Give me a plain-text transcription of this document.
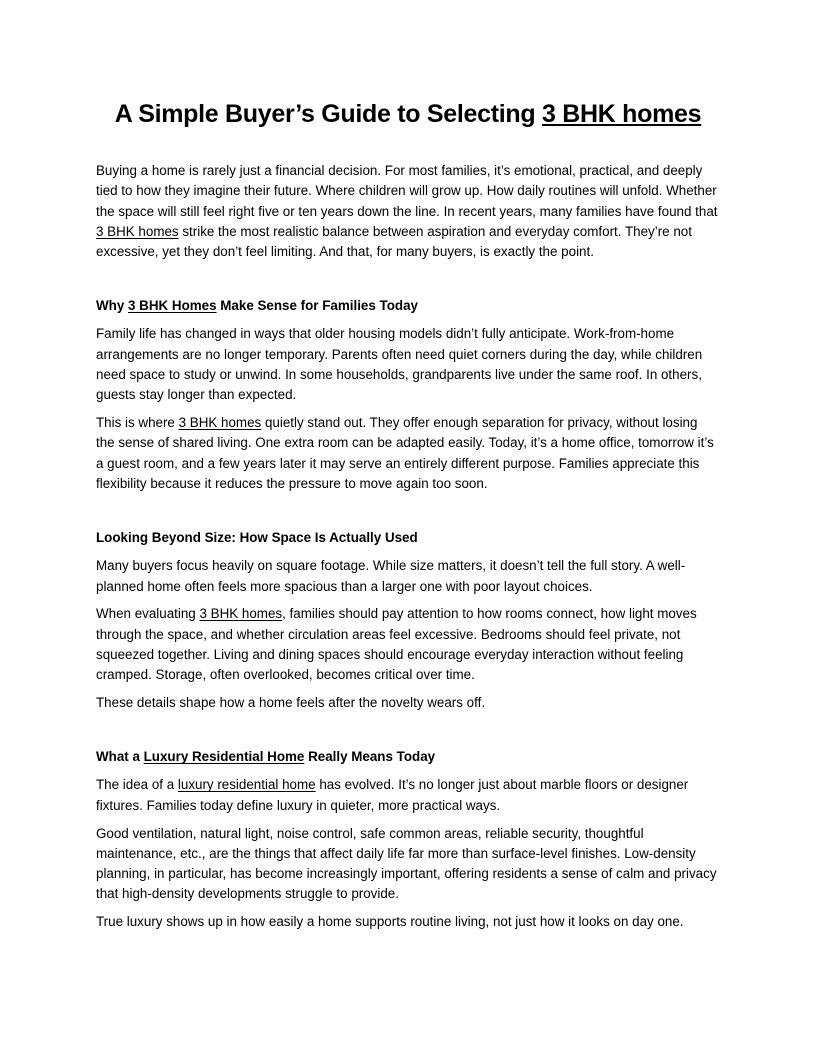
A Simple Buyer’s Guide to Selecting 3 BHK homes

Buying a home is rarely just a financial decision. For most families, it’s emotional, practical, and deeply tied to how they imagine their future. Where children will grow up. How daily routines will unfold. Whether the space will still feel right five or ten years down the line. In recent years, many families have found that 3 BHK homes strike the most realistic balance between aspiration and everyday comfort. They’re not excessive, yet they don’t feel limiting. And that, for many buyers, is exactly the point.

Why 3 BHK Homes Make Sense for Families Today

Family life has changed in ways that older housing models didn’t fully anticipate. Work-from-home arrangements are no longer temporary. Parents often need quiet corners during the day, while children need space to study or unwind. In some households, grandparents live under the same roof. In others, guests stay longer than expected.

This is where 3 BHK homes quietly stand out. They offer enough separation for privacy, without losing the sense of shared living. One extra room can be adapted easily. Today, it’s a home office, tomorrow it’s a guest room, and a few years later it may serve an entirely different purpose. Families appreciate this flexibility because it reduces the pressure to move again too soon.

Looking Beyond Size: How Space Is Actually Used

Many buyers focus heavily on square footage. While size matters, it doesn’t tell the full story. A well-planned home often feels more spacious than a larger one with poor layout choices.

When evaluating 3 BHK homes, families should pay attention to how rooms connect, how light moves through the space, and whether circulation areas feel excessive. Bedrooms should feel private, not squeezed together. Living and dining spaces should encourage everyday interaction without feeling cramped. Storage, often overlooked, becomes critical over time.

These details shape how a home feels after the novelty wears off.

What a Luxury Residential Home Really Means Today

The idea of a luxury residential home has evolved. It’s no longer just about marble floors or designer fixtures. Families today define luxury in quieter, more practical ways.

Good ventilation, natural light, noise control, safe common areas, reliable security, thoughtful maintenance, etc., are the things that affect daily life far more than surface-level finishes. Low-density planning, in particular, has become increasingly important, offering residents a sense of calm and privacy that high-density developments struggle to provide.

True luxury shows up in how easily a home supports routine living, not just how it looks on day one.
